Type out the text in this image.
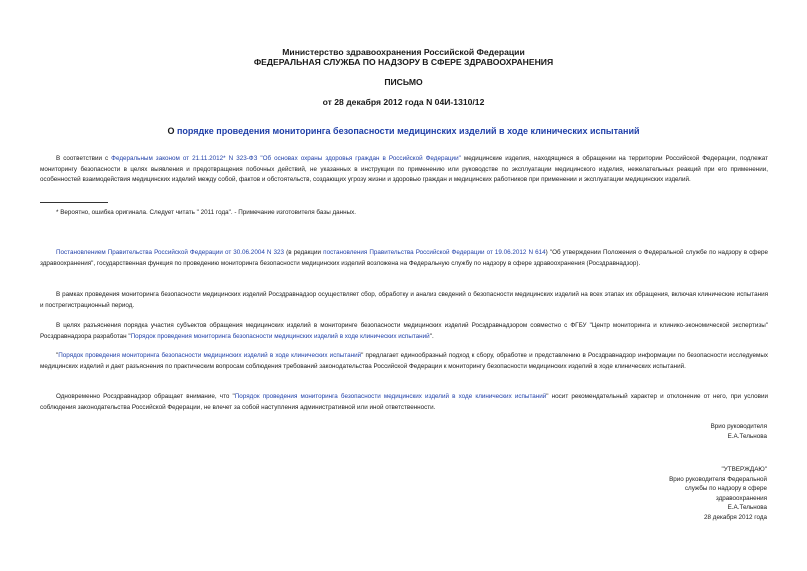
Министерство здравоохранения Российской Федерации
ФЕДЕРАЛЬНАЯ СЛУЖБА ПО НАДЗОРУ В СФЕРЕ ЗДРАВООХРАНЕНИЯ
ПИСЬМО
от 28 декабря 2012 года N 04И-1310/12
О порядке проведения мониторинга безопасности медицинских изделий в ходе клинических испытаний
В соответствии с Федеральным законом от 21.11.2012* N 323-ФЗ "Об основах охраны здоровья граждан в Российской Федерации" медицинские изделия, находящиеся в обращении на территории Российской Федерации, подлежат мониторингу безопасности в целях выявления и предотвращения побочных действий, не указанных в инструкции по применению или руководстве по эксплуатации медицинского изделия, нежелательных реакций при его применении, особенностей взаимодействия медицинских изделий между собой, фактов и обстоятельств, создающих угрозу жизни и здоровью граждан и медицинских работников при применении и эксплуатации медицинских изделий.
* Вероятно, ошибка оригинала. Следует читать " 2011 года". - Примечание изготовителя базы данных.
Постановлением Правительства Российской Федерации от 30.06.2004 N 323 (в редакции постановления Правительства Российской Федерации от 19.06.2012 N 614) "Об утверждении Положения о Федеральной службе по надзору в сфере здравоохранения", государственная функция по проведению мониторинга безопасности медицинских изделий возложена на Федеральную службу по надзору в сфере здравоохранения (Росздравнадзор).
В рамках проведения мониторинга безопасности медицинских изделий Росздравнадзор осуществляет сбор, обработку и анализ сведений о безопасности медицинских изделий на всех этапах их обращения, включая клинические испытания и пострегистрационный период.
В целях разъяснения порядка участия субъектов обращения медицинских изделий в мониторинге безопасности медицинских изделий Росздравнадзором совместно с ФГБУ "Центр мониторинга и клинико-экономической экспертизы" Росздравнадзора разработан "Порядок проведения мониторинга безопасности медицинских изделий в ходе клинических испытаний".
"Порядок проведения мониторинга безопасности медицинских изделий в ходе клинических испытаний" предлагает единообразный подход к сбору, обработке и представлению в Росздравнадзор информации по безопасности исследуемых медицинских изделий и дает разъяснения по практическим вопросам соблюдения требований законодательства Российской Федерации к мониторингу безопасности медицинских изделий в ходе клинических испытаний.
Одновременно Росздравнадзор обращает внимание, что "Порядок проведения мониторинга безопасности медицинских изделий в ходе клинических испытаний" носит рекомендательный характер и отклонение от него, при условии соблюдения законодательства Российской Федерации, не влечет за собой наступления административной или иной ответственности.
Врио руководителя
Е.А.Тельнова
"УТВЕРЖДАЮ"
Врио руководителя Федеральной
службы по надзору в сфере
здравоохранения
Е.А.Тельнова
28 декабря 2012 года
